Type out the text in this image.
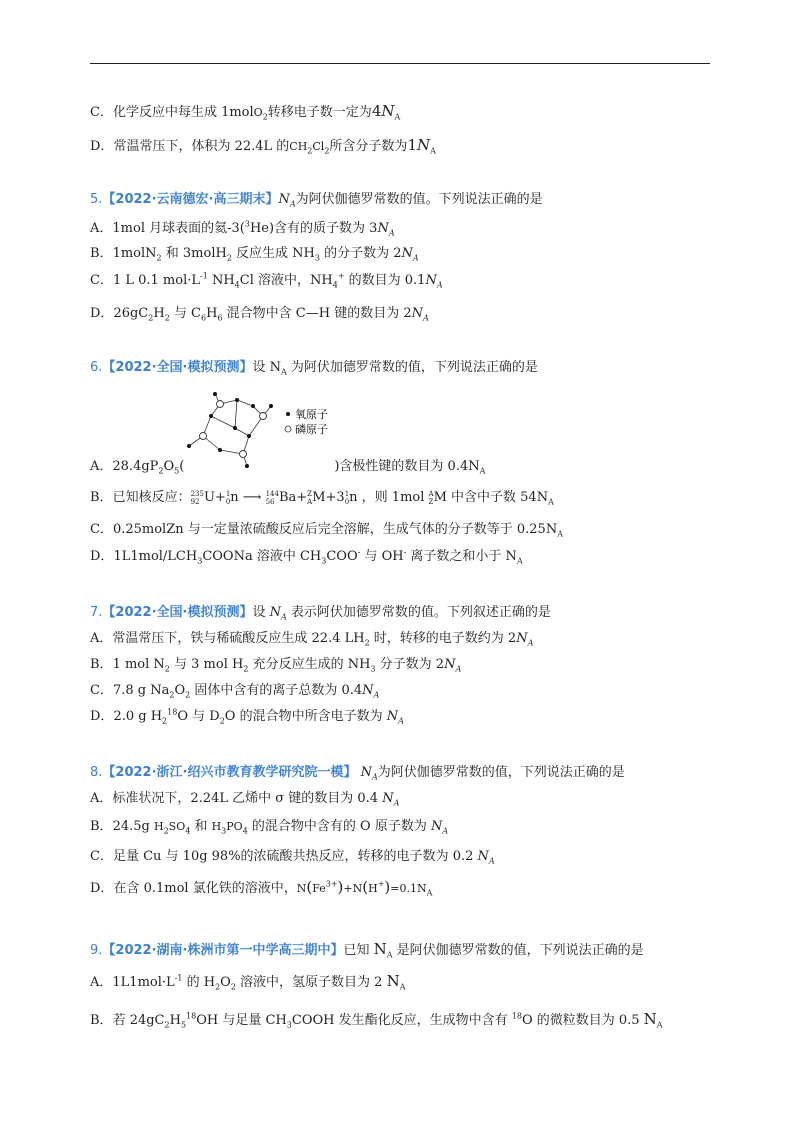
C．化学反应中每生成 1molO$_2$转移电子数一定为$4N_A$
D．常温常压下，体积为 22.4L 的$CH_2Cl_2$所含分子数为$1N_A$
5.【2022·云南德宏·高三期末】$N_A$为阿伏伽德罗常数的值。下列说法正确的是
A．1mol 月球表面的氦-3($^3$He)含有的质子数为 $3N_A$
B．1molN$_2$ 和 3molH$_2$ 反应生成 $NH_3$ 的分子数为 $2N_A$
C．1 L 0.1 $mol\cdot L^{-1}$ $NH_4Cl$ 溶液中，$NH_4^+$ 的数目为 $0.1N_A$
D．$26gC_2H_2$ 与 $C_6H_6$ 混合物中含 C—H 键的数目为 $2N_A$
6.【2022·全国·模拟预测】设 $N_A$ 为阿伏加德罗常数的值，下列说法正确的是
氧原子
磷原子
A．$28.4gP_2O_5$(	)含极性键的数目为 $0.4N_A$
B．已知核反应： 235
92 U+ 1
0 n ⟶ 144
56 Ba+ Z
A M+3 1
0 n ，则 1mol A
Z M 中含中子数 $54N_A$
C．0.25molZn 与一定量浓硫酸反应后完全溶解，生成气体的分子数等于 $0.25N_A$
D．$1L1mol/LCH_3COONa$ 溶液中 $CH_3COO^-$ 与 OH- 离子数之和小于 $N_A$
7.【2022·全国·模拟预测】设 $N_A$ 表示阿伏加德罗常数的值。下列叙述正确的是
A．常温常压下，铁与稀硫酸反应生成 22.4 $LH_2$ 时，转移的电子数约为 $2N_A$
B．1 mol $N_2$ 与 3 mol $H_2$ 充分反应生成的 $NH_3$ 分子数为 $2N_A$
C．7.8 g $Na_2O_2$ 固体中含有的离子总数为 $0.4N_A$
D．2.0 g $H_2^{18}O$ 与 $D_2O$ 的混合物中所含电子数为 $N_A$
8.【2022·浙江·绍兴市教育教学研究院一模】 $N_A$为阿伏伽德罗常数的值，下列说法正确的是
A．标准状况下，2.24L 乙烯中 σ 键的数目为 0.4 $N_A$
B．24.5g $H_2SO_4$ 和 $H_3PO_4$ 的混合物中含有的 O 原子数为 $N_A$
C．足量 Cu 与 10g 98%的浓硫酸共热反应，转移的电子数为 0.2 $N_A$
D．在含 0.1mol 氯化铁的溶液中，$N(Fe^{3+})+N(H^+)=0.1N_A$
9.【2022·湖南·株洲市第一中学高三期中】已知 $N_A$ 是阿伏伽德罗常数的值，下列说法正确的是
A．$1L1mol\cdot L^{-1}$ 的 $H_2O_2$ 溶液中，氢原子数目为 2 $N_A$
B．若 $24gC_2H_5^{18}OH$ 与足量 $CH_3COOH$ 发生酯化反应，生成物中含有 $^{18}$O 的微粒数目为 0.5 $N_A$
